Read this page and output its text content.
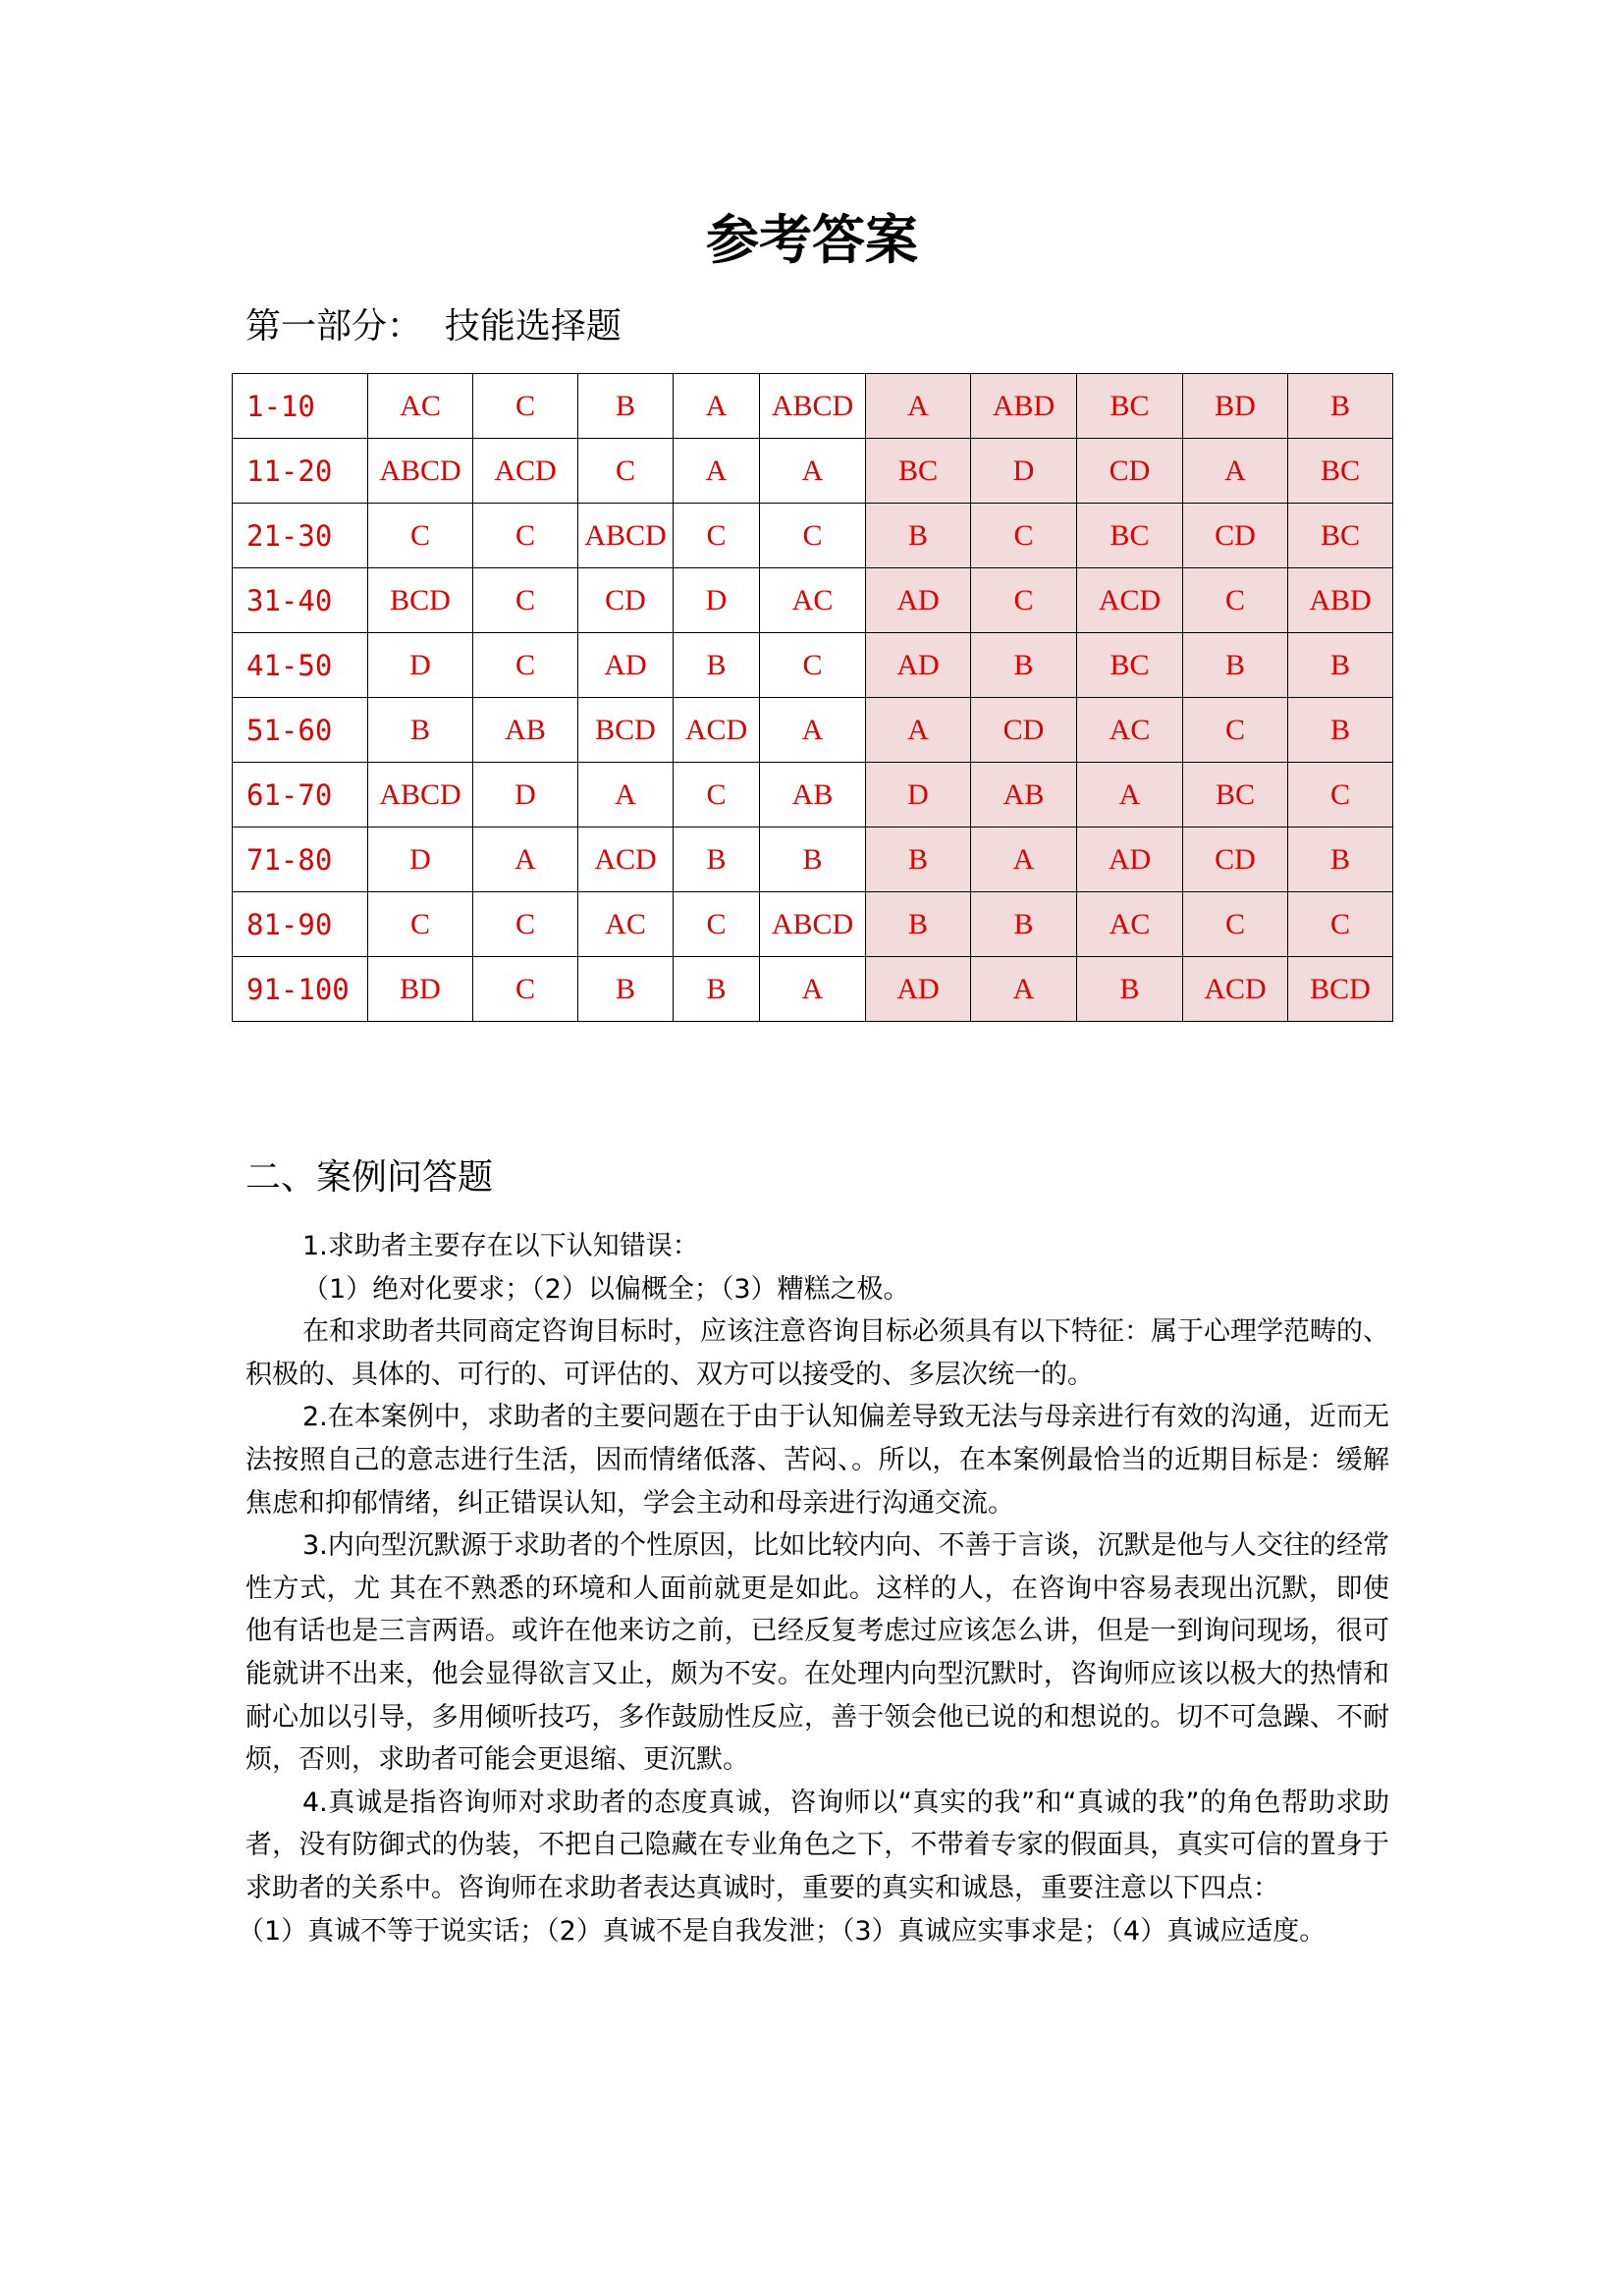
参考答案
第一部分：  技能选择题
1-10	AC	C	B	A	ABCD	A	ABD	BC	BD	B
11-20	ABCD	ACD	C	A	A	BC	D	CD	A	BC
21-30	C	C	ABCD	C	C	B	C	BC	CD	BC
31-40	BCD	C	CD	D	AC	AD	C	ACD	C	ABD
41-50	D	C	AD	B	C	AD	B	BC	B	B
51-60	B	AB	BCD	ACD	A	A	CD	AC	C	B
61-70	ABCD	D	A	C	AB	D	AB	A	BC	C
71-80	D	A	ACD	B	B	B	A	AD	CD	B
81-90	C	C	AC	C	ABCD	B	B	AC	C	C
91-100	BD	C	B	B	A	AD	A	B	ACD	BCD
二、案例问答题

1.求助者主要存在以下认知错误：

（1）绝对化要求；（2）以偏概全；（3）糟糕之极。

在和求助者共同商定咨询目标时，应该注意咨询目标必须具有以下特征：属于心理学范畴的、积极的、具体的、可行的、可评估的、双方可以接受的、多层次统一的。

2.在本案例中，求助者的主要问题在于由于认知偏差导致无法与母亲进行有效的沟通，近而无法按照自己的意志进行生活，因而情绪低落、苦闷、。所以，在本案例最恰当的近期目标是：缓解焦虑和抑郁情绪，纠正错误认知，学会主动和母亲进行沟通交流。

3.内向型沉默源于求助者的个性原因，比如比较内向、不善于言谈，沉默是他与人交往的经常性方式，尤 其在不熟悉的环境和人面前就更是如此。这样的人，在咨询中容易表现出沉默，即使他有话也是三言两语。或许在他来访之前，已经反复考虑过应该怎么讲，但是一到询问现场，很可能就讲不出来，他会显得欲言又止，颇为不安。在处理内向型沉默时，咨询师应该以极大的热情和耐心加以引导，多用倾听技巧，多作鼓励性反应，善于领会他已说的和想说的。切不可急躁、不耐烦，否则，求助者可能会更退缩、更沉默。

4.真诚是指咨询师对求助者的态度真诚，咨询师以“真实的我”和“真诚的我”的角色帮助求助者，没有防御式的伪装，不把自己隐藏在专业角色之下，不带着专家的假面具，真实可信的置身于求助者的关系中。咨询师在求助者表达真诚时，重要的真实和诚恳，重要注意以下四点：

（1）真诚不等于说实话；（2）真诚不是自我发泄；（3）真诚应实事求是；（4）真诚应适度。
